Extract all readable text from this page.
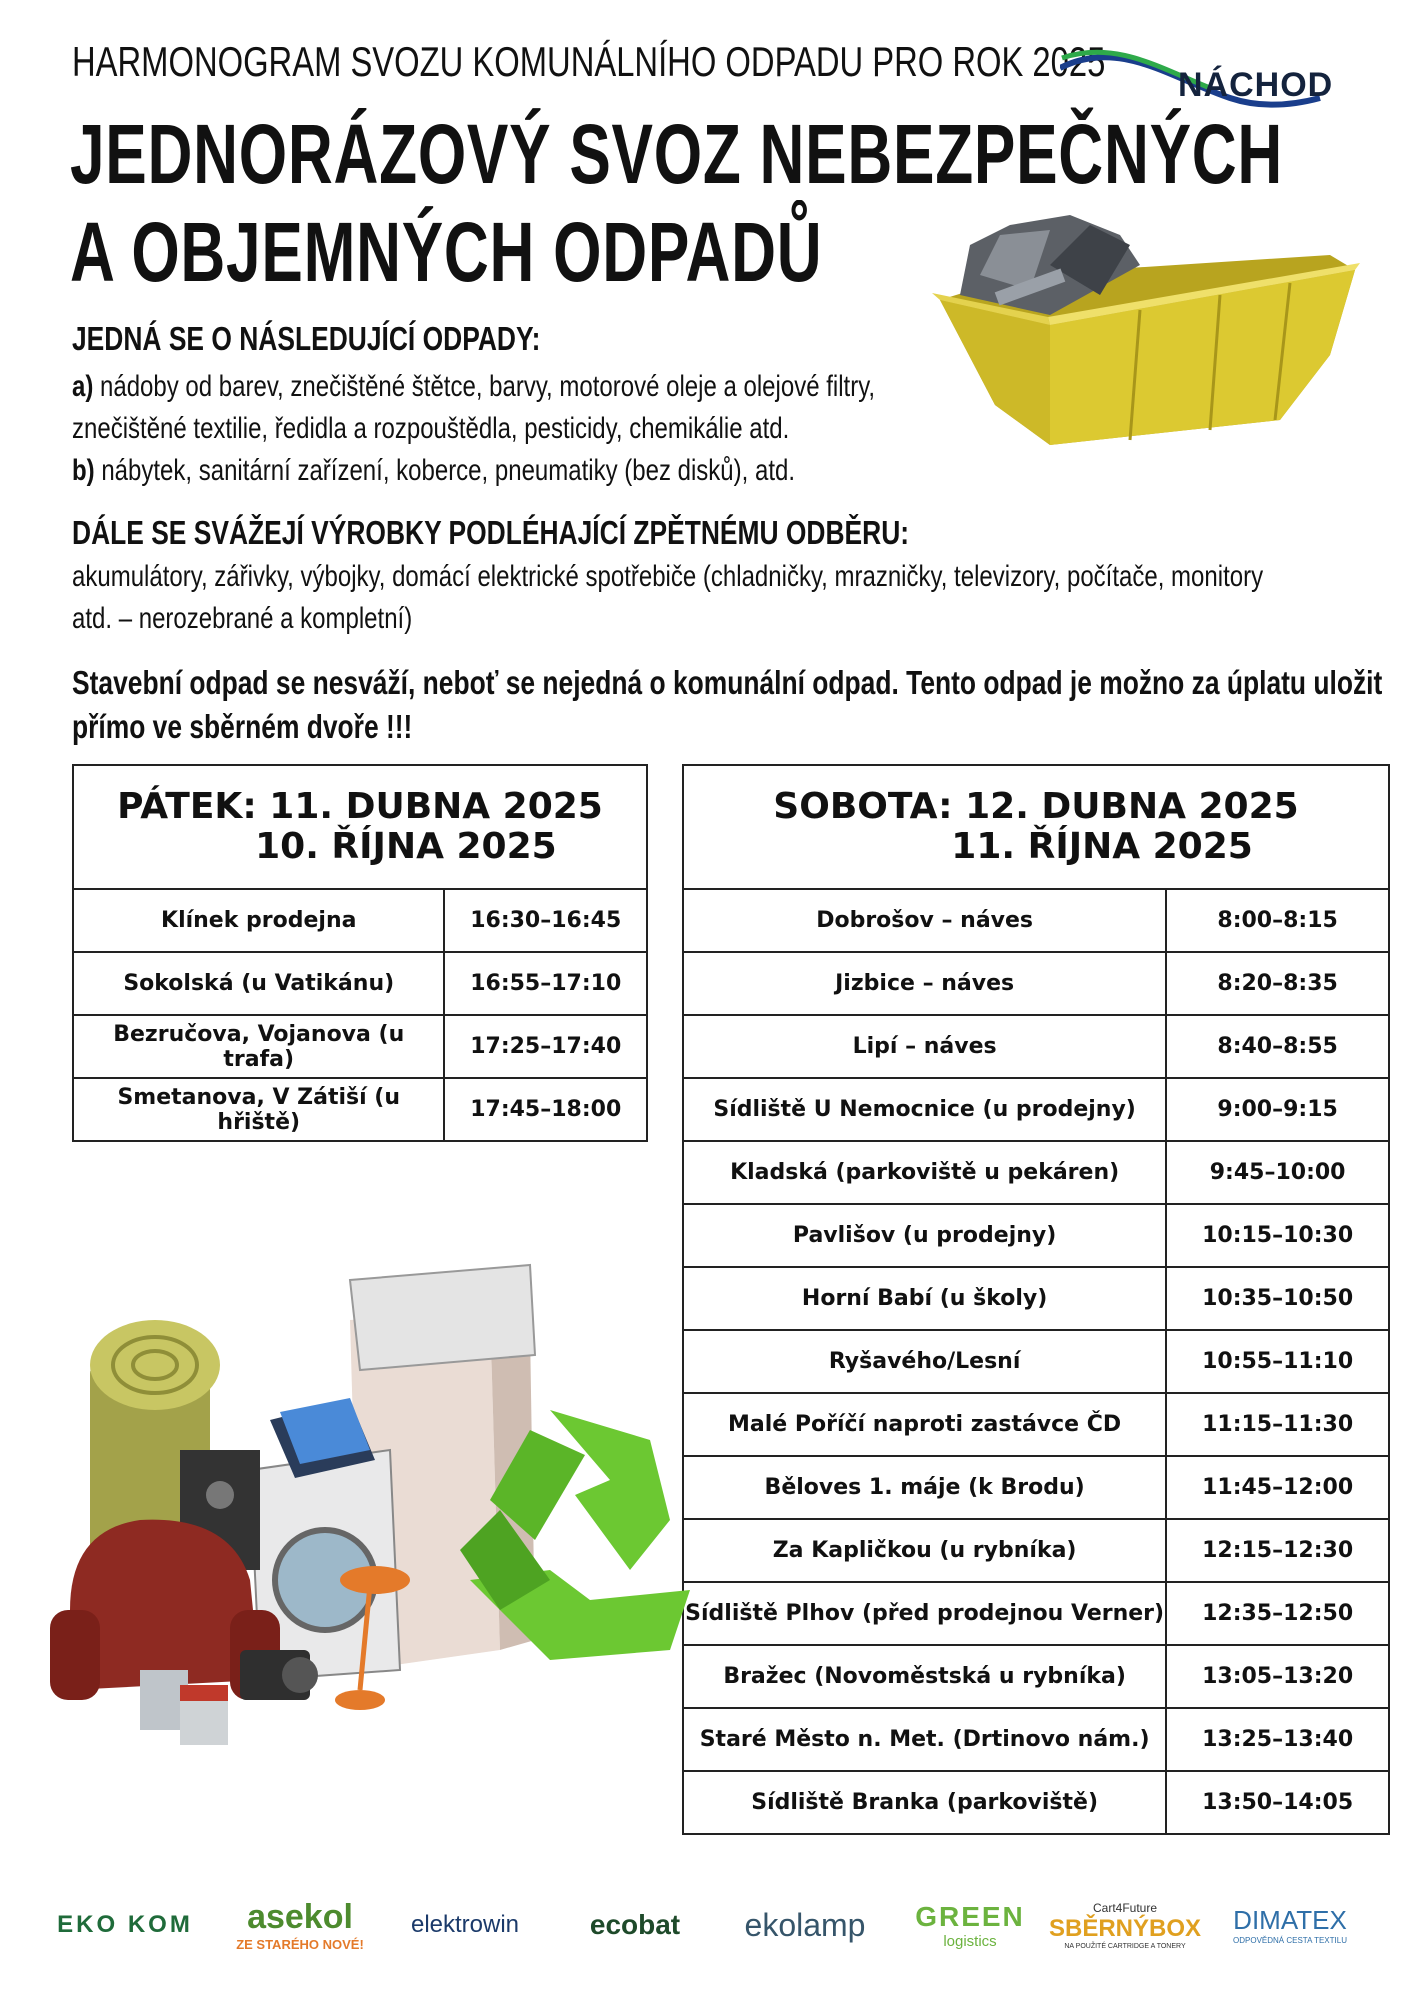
HARMONOGRAM SVOZU KOMUNÁLNÍHO ODPADU PRO ROK 2025
JEDNORÁZOVÝ SVOZ NEBEZPEČNÝCH
A OBJEMNÝCH ODPADŮ
NÁCHOD
JEDNÁ SE O NÁSLEDUJÍCÍ ODPADY:
a) nádoby od barev, znečištěné štětce, barvy, motorové oleje a olejové filtry,
znečištěné textilie, ředidla a rozpouštědla, pesticidy, chemikálie atd.
b) nábytek, sanitární zařízení, koberce, pneumatiky (bez disků), atd.
DÁLE SE SVÁŽEJÍ VÝROBKY PODLÉHAJÍCÍ ZPĚTNÉMU ODBĚRU:
akumulátory, zářivky, výbojky, domácí elektrické spotřebiče (chladničky, mrazničky, televizory, počítače, monitory
atd. – nerozebrané a kompletní)
Stavební odpad se nesváží, neboť se nejedná o komunální odpad. Tento odpad je možno za úplatu uložit
přímo ve sběrném dvoře !!!
PÁTEK: 11. DUBNA 2025
10. ŘÍJNA 2025	

Klínek prodejna	16:30–16:45
Sokolská (u Vatikánu)	16:55–17:10
Bezručova, Vojanova (u trafa)	17:25–17:40
Smetanova, V Zátiší (u hřiště)	17:45–18:00
SOBOTA: 12. DUBNA 2025
11. ŘÍJNA 2025	

Dobrošov – náves	8:00–8:15
Jizbice – náves	8:20–8:35
Lipí – náves	8:40–8:55
Sídliště U Nemocnice (u prodejny)	9:00–9:15
Kladská (parkoviště u pekáren)	9:45–10:00
Pavlišov (u prodejny)	10:15–10:30
Horní Babí (u školy)	10:35–10:50
Ryšavého/Lesní	10:55–11:10
Malé Poříčí naproti zastávce ČD	11:15–11:30
Běloves 1. máje (k Brodu)	11:45–12:00
Za Kapličkou (u rybníka)	12:15–12:30
Sídliště Plhov (před prodejnou Verner)	12:35–12:50
Bražec (Novoměstská u rybníka)	13:05–13:20
Staré Město n. Met. (Drtinovo nám.)	13:25–13:40
Sídliště Branka (parkoviště)	13:50–14:05
EKO KOM asekol
ZE STARÉHO NOVÉ!
elektrowin	ecobat ekolamp GREEN
logistics
Cart4Future
SBĚRNÝBOX
NA POUŽITÉ CARTRIDGE A TONERY
DIMATEX
ODPOVĚDNÁ CESTA TEXTILU
